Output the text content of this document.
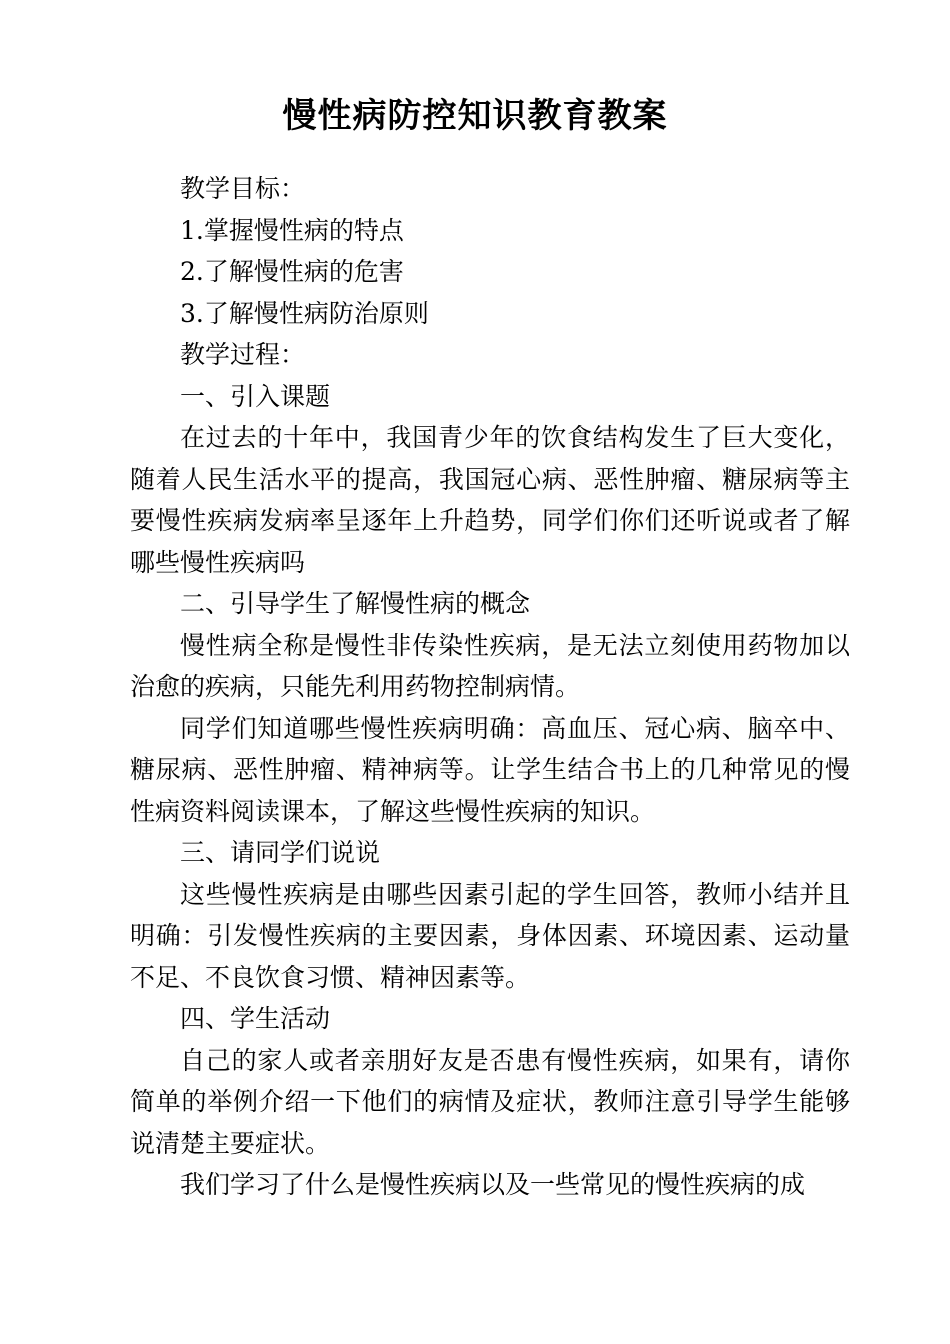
慢性病防控知识教育教案

教学目标：

1.掌握慢性病的特点

2.了解慢性病的危害

3.了解慢性病防治原则

教学过程：

一、引入课题

在过去的十年中，我国青少年的饮食结构发生了巨大变化，随着人民生活水平的提高，我国冠心病、恶性肿瘤、糖尿病等主要慢性疾病发病率呈逐年上升趋势，同学们你们还听说或者了解哪些慢性疾病吗

二、引导学生了解慢性病的概念

慢性病全称是慢性非传染性疾病，是无法立刻使用药物加以治愈的疾病，只能先利用药物控制病情。

同学们知道哪些慢性疾病明确：高血压、冠心病、脑卒中、糖尿病、恶性肿瘤、精神病等。让学生结合书上的几种常见的慢性病资料阅读课本，了解这些慢性疾病的知识。

三、请同学们说说

这些慢性疾病是由哪些因素引起的学生回答，教师小结并且明确：引发慢性疾病的主要因素，身体因素、环境因素、运动量不足、不良饮食习惯、精神因素等。

四、学生活动

自己的家人或者亲朋好友是否患有慢性疾病，如果有，请你简单的举例介绍一下他们的病情及症状，教师注意引导学生能够说清楚主要症状。

我们学习了什么是慢性疾病以及一些常见的慢性疾病的成
